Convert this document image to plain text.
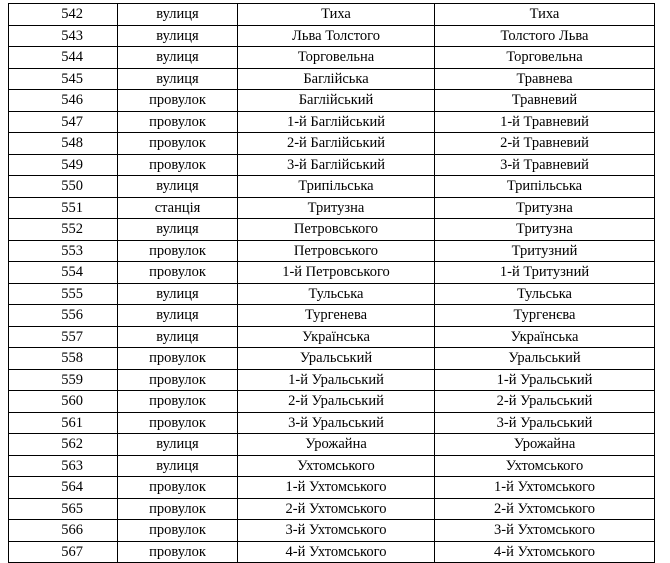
542	вулиця	Тиха	Тиха
543	вулиця	Льва Толстого	Толстого Льва
544	вулиця	Торговельна	Торговельна
545	вулиця	Баглійська	Травнева
546	провулок	Баглійський	Травневий
547	провулок	1-й Баглійський	1-й Травневий
548	провулок	2-й Баглійський	2-й Травневий
549	провулок	3-й Баглійський	3-й Травневий
550	вулиця	Трипільська	Трипільська
551	станція	Тритузна	Тритузна
552	вулиця	Петровського	Тритузна
553	провулок	Петровського	Тритузний
554	провулок	1-й Петровського	1-й Тритузний
555	вулиця	Тульська	Тульська
556	вулиця	Тургенева	Тургенєва
557	вулиця	Українська	Українська
558	провулок	Уральський	Уральський
559	провулок	1-й Уральський	1-й Уральський
560	провулок	2-й Уральський	2-й Уральський
561	провулок	3-й Уральський	3-й Уральський
562	вулиця	Урожайна	Урожайна
563	вулиця	Ухтомського	Ухтомського
564	провулок	1-й Ухтомського	1-й Ухтомського
565	провулок	2-й Ухтомського	2-й Ухтомського
566	провулок	3-й Ухтомського	3-й Ухтомського
567	провулок	4-й Ухтомського	4-й Ухтомського
